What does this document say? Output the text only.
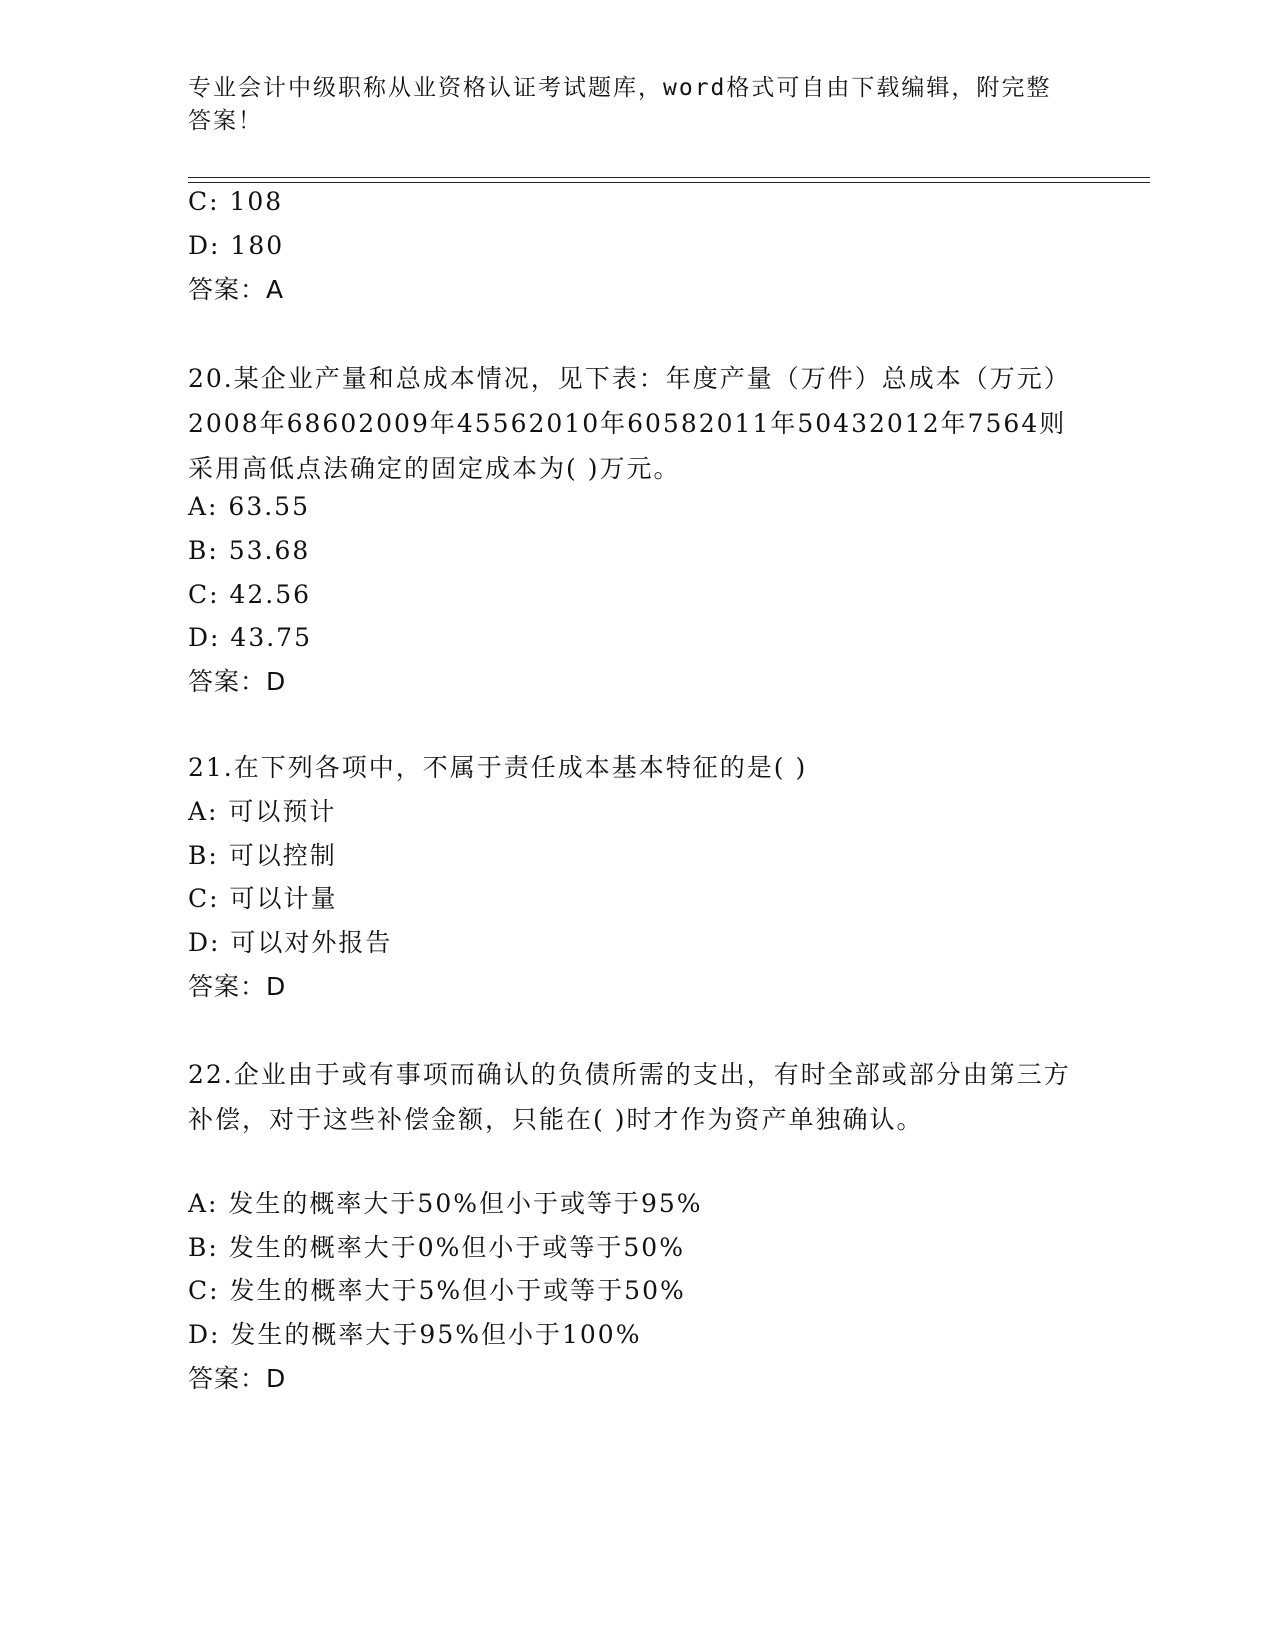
专业会计中级职称从业资格认证考试题库，word格式可自由下载编辑，附完整答案！
C: 108
D: 180
答案：A
20.某企业产量和总成本情况，见下表：年度产量（万件）总成本（万元）2008年68602009年45562010年60582011年50432012年7564则采用高低点法确定的固定成本为( )万元。
A: 63.55
B: 53.68
C: 42.56
D: 43.75
答案：D
21.在下列各项中，不属于责任成本基本特征的是( )
A: 可以预计
B: 可以控制
C: 可以计量
D: 可以对外报告
答案：D
22.企业由于或有事项而确认的负债所需的支出，有时全部或部分由第三方补偿，对于这些补偿金额，只能在( )时才作为资产单独确认。
A: 发生的概率大于50%但小于或等于95%
B: 发生的概率大于0%但小于或等于50%
C: 发生的概率大于5%但小于或等于50%
D: 发生的概率大于95%但小于100%
答案：D
